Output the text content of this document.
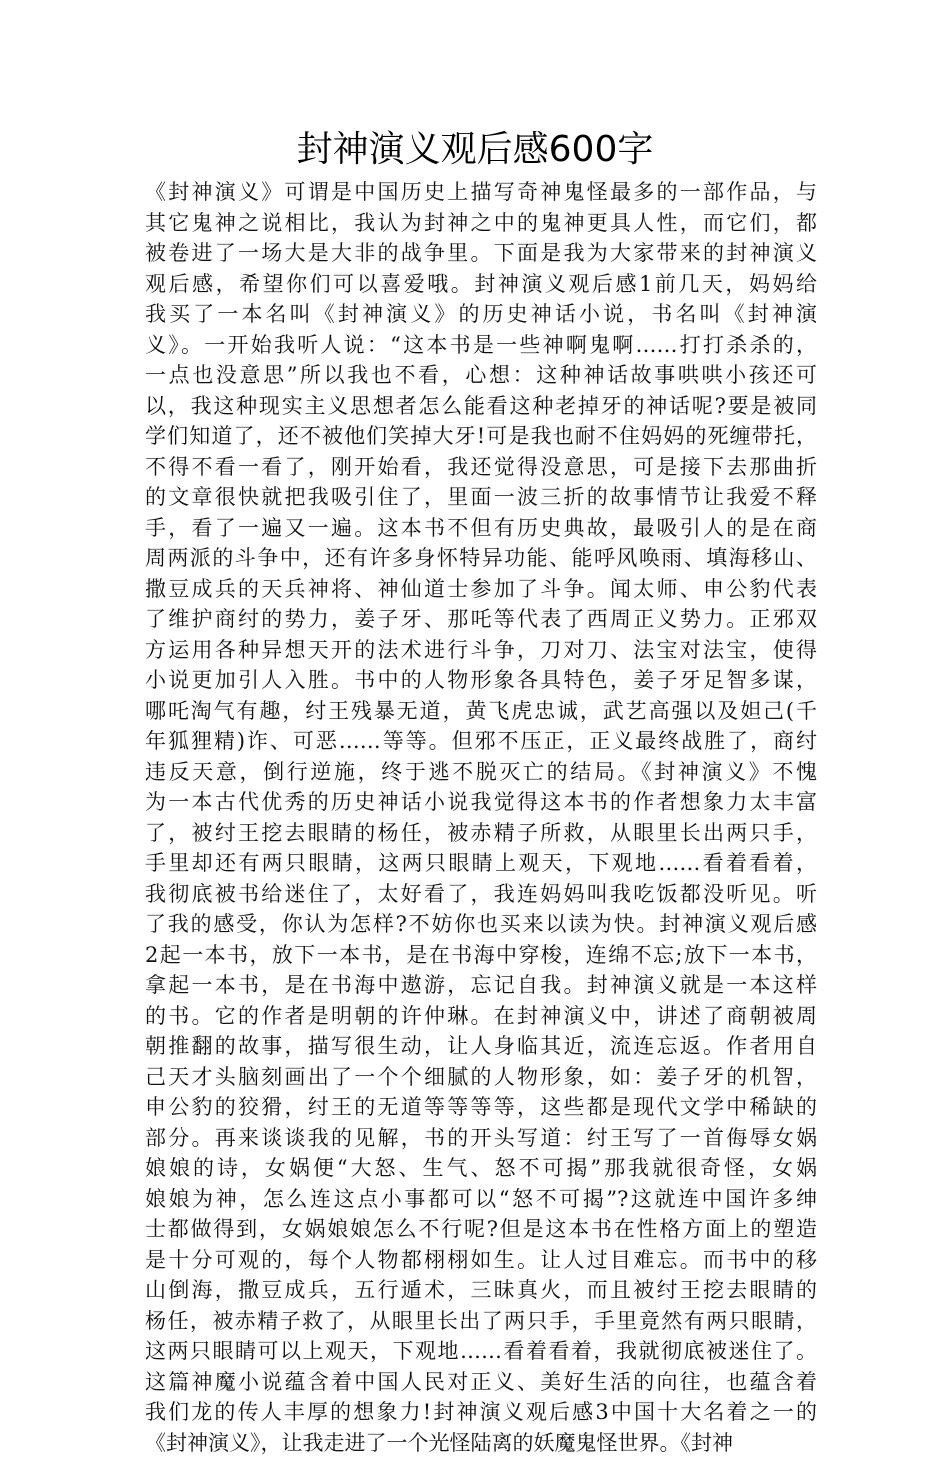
封神演义观后感600字
《封神演义》可谓是中国历史上描写奇神鬼怪最多的一部作品，与
其它鬼神之说相比，我认为封神之中的鬼神更具人性，而它们，都
被卷进了一场大是大非的战争里。下面是我为大家带来的封神演义
观后感，希望你们可以喜爱哦。封神演义观后感1前几天，妈妈给
我买了一本名叫《封神演义》的历史神话小说，书名叫《封神演
义》。一开始我听人说：“这本书是一些神啊鬼啊……打打杀杀的，
一点也没意思”所以我也不看，心想：这种神话故事哄哄小孩还可
以，我这种现实主义思想者怎么能看这种老掉牙的神话呢?要是被同
学们知道了，还不被他们笑掉大牙!可是我也耐不住妈妈的死缠带托，
不得不看一看了，刚开始看，我还觉得没意思，可是接下去那曲折
的文章很快就把我吸引住了，里面一波三折的故事情节让我爱不释
手，看了一遍又一遍。这本书不但有历史典故，最吸引人的是在商
周两派的斗争中，还有许多身怀特异功能、能呼风唤雨、填海移山、
撒豆成兵的天兵神将、神仙道士参加了斗争。闻太师、申公豹代表
了维护商纣的势力，姜子牙、那吒等代表了西周正义势力。正邪双
方运用各种异想天开的法术进行斗争，刀对刀、法宝对法宝，使得
小说更加引人入胜。书中的人物形象各具特色，姜子牙足智多谋，
哪吒淘气有趣，纣王残暴无道，黄飞虎忠诚，武艺高强以及妲己(千
年狐狸精)诈、可恶……等等。但邪不压正，正义最终战胜了，商纣
违反天意，倒行逆施，终于逃不脱灭亡的结局。《封神演义》不愧
为一本古代优秀的历史神话小说我觉得这本书的作者想象力太丰富
了，被纣王挖去眼睛的杨任，被赤精子所救，从眼里长出两只手，
手里却还有两只眼睛，这两只眼睛上观天，下观地……看着看着，
我彻底被书给迷住了，太好看了，我连妈妈叫我吃饭都没听见。听
了我的感受，你认为怎样?不妨你也买来以读为快。封神演义观后感
2起一本书，放下一本书，是在书海中穿梭，连绵不忘;放下一本书，
拿起一本书，是在书海中遨游，忘记自我。封神演义就是一本这样
的书。它的作者是明朝的许仲琳。在封神演义中，讲述了商朝被周
朝推翻的故事，描写很生动，让人身临其近，流连忘返。作者用自
己天才头脑刻画出了一个个细腻的人物形象，如：姜子牙的机智，
申公豹的狡猾，纣王的无道等等等等，这些都是现代文学中稀缺的
部分。再来谈谈我的见解，书的开头写道：纣王写了一首侮辱女娲
娘娘的诗，女娲便“大怒、生气、怒不可揭”那我就很奇怪，女娲
娘娘为神，怎么连这点小事都可以“怒不可揭”?这就连中国许多绅
士都做得到，女娲娘娘怎么不行呢?但是这本书在性格方面上的塑造
是十分可观的，每个人物都栩栩如生。让人过目难忘。而书中的移
山倒海，撒豆成兵，五行遁术，三昧真火，而且被纣王挖去眼睛的
杨任，被赤精子救了，从眼里长出了两只手，手里竟然有两只眼睛，
这两只眼睛可以上观天，下观地……看着看着，我就彻底被迷住了。
这篇神魔小说蕴含着中国人民对正义、美好生活的向往，也蕴含着
我们龙的传人丰厚的想象力!封神演义观后感3中国十大名着之一的
《封神演义》，让我走进了一个光怪陆离的妖魔鬼怪世界。《封神
